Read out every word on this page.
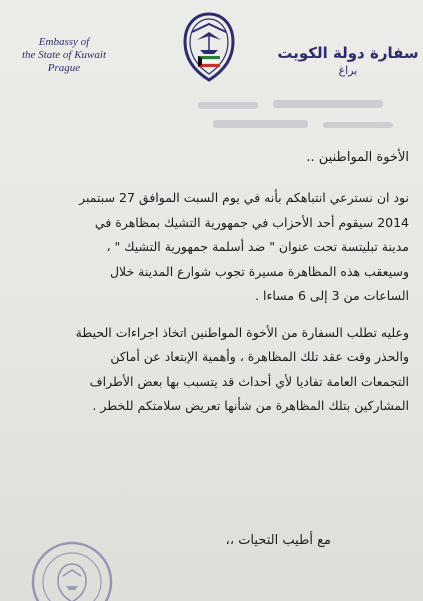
Embassy of
the State of Kuwait
Prague
سفارة دولة الكويت
براغ
الأخوة المواطنين ..

نود ان نسترعي انتباهكم بأنه في يوم السبت الموافق 27 سبتمبر

2014 سيقوم أحد الأحزاب في جمهورية التشيك بمظاهرة في

مدينة تبليتسة تحت عنوان " ضد أسلمة جمهورية التشيك " ،

وسيعقب هذه المظاهرة مسيرة تجوب شوارع المدينة خلال

الساعات من 3 إلى 6 مساءا .

وعليه تطلب السفارة من الأخوة المواطنين اتخاذ اجراءات الحيطة

والحذر وقت عقد تلك المظاهرة ، وأهمية الإبتعاد عن أماكن

التجمعات العامة تفاديا لأي أحداث قد يتسبب بها بعض الأطراف

المشاركين بتلك المظاهرة من شأنها تعريض سلامتكم للخطر .

مع أطيب التحيات ،،
